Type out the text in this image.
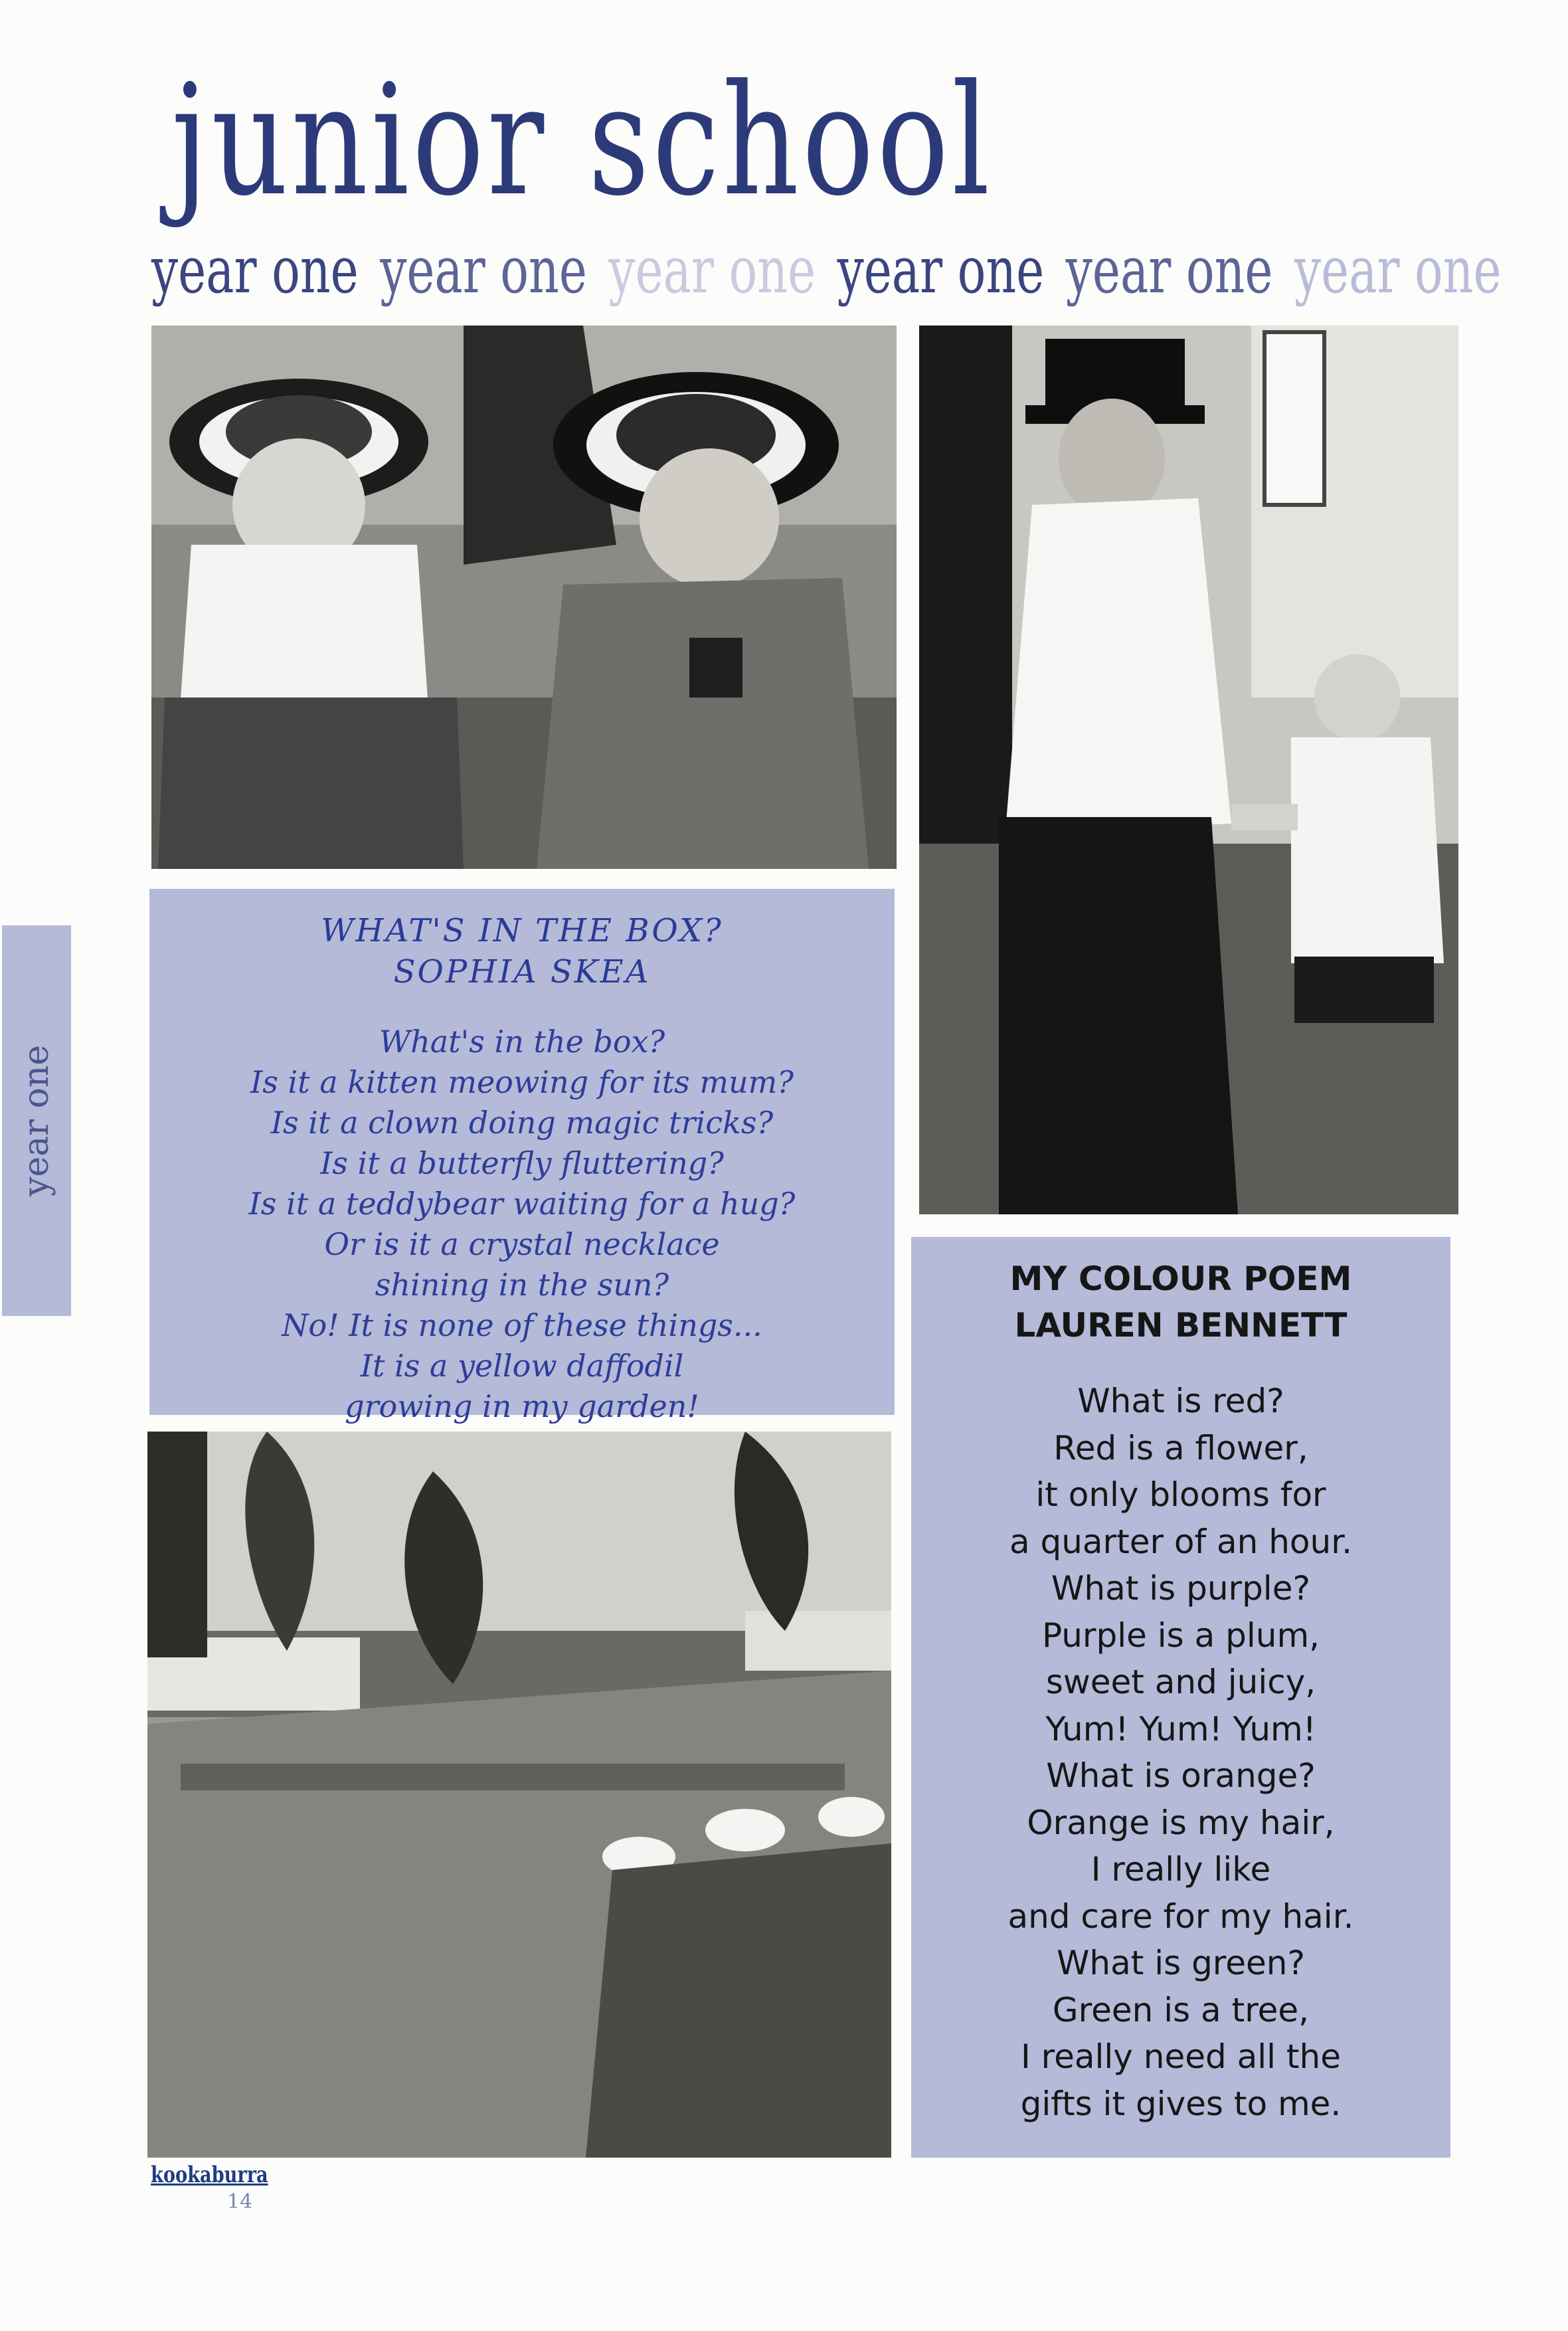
junior school
year one year one year one year one year one year one
WHAT'S IN THE BOX?
SOPHIA SKEA
What's in the box?
Is it a kitten meowing for its mum?
Is it a clown doing magic tricks?
Is it a butterfly fluttering?
Is it a teddybear waiting for a hug?
Or is it a crystal necklace
shining in the sun?
No! It is none of these things...
It is a yellow daffodil
growing in my garden!
MY COLOUR POEM
LAUREN BENNETT
What is red?
Red is a flower,
it only blooms for
a quarter of an hour.
What is purple?
Purple is a plum,
sweet and juicy,
Yum! Yum! Yum!
What is orange?
Orange is my hair,
I really like
and care for my hair.
What is green?
Green is a tree,
I really need all the
gifts it gives to me.
year one
kookaburra
14
